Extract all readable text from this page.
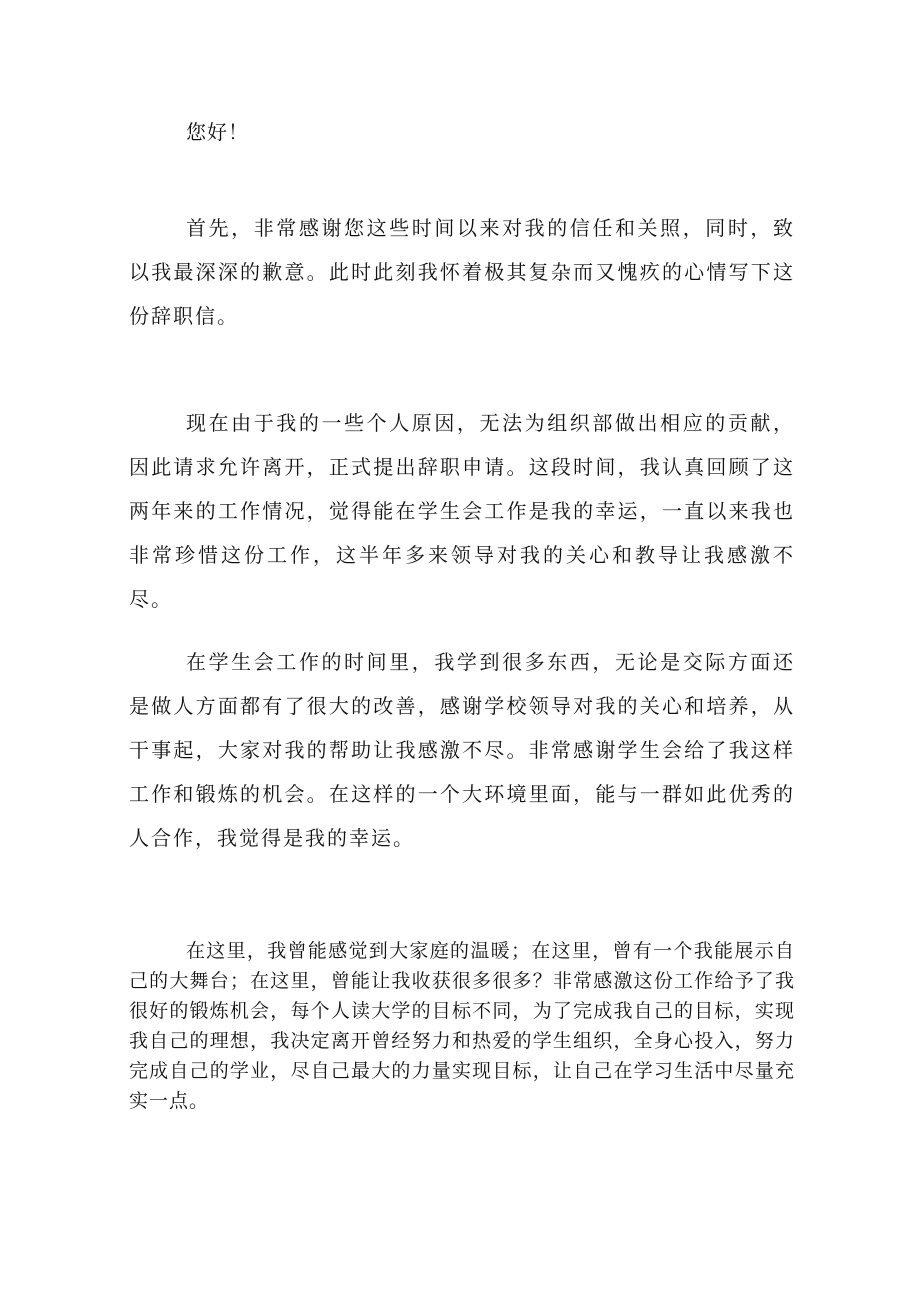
您好！

首先，非常感谢您这些时间以来对我的信任和关照，同时，致以我最深深的歉意。此时此刻我怀着极其复杂而又愧疚的心情写下这份辞职信。

现在由于我的一些个人原因，无法为组织部做出相应的贡献，因此请求允许离开，正式提出辞职申请。这段时间，我认真回顾了这两年来的工作情况，觉得能在学生会工作是我的幸运，一直以来我也非常珍惜这份工作，这半年多来领导对我的关心和教导让我感激不尽。

在学生会工作的时间里，我学到很多东西，无论是交际方面还是做人方面都有了很大的改善，感谢学校领导对我的关心和培养，从干事起，大家对我的帮助让我感激不尽。非常感谢学生会给了我这样工作和锻炼的机会。在这样的一个大环境里面，能与一群如此优秀的人合作，我觉得是我的幸运。

在这里，我曾能感觉到大家庭的温暖；在这里，曾有一个我能展示自己的大舞台；在这里，曾能让我收获很多很多？非常感激这份工作给予了我很好的锻炼机会，每个人读大学的目标不同，为了完成我自己的目标，实现我自己的理想，我决定离开曾经努力和热爱的学生组织，全身心投入，努力完成自己的学业，尽自己最大的力量实现目标，让自己在学习生活中尽量充实一点。
